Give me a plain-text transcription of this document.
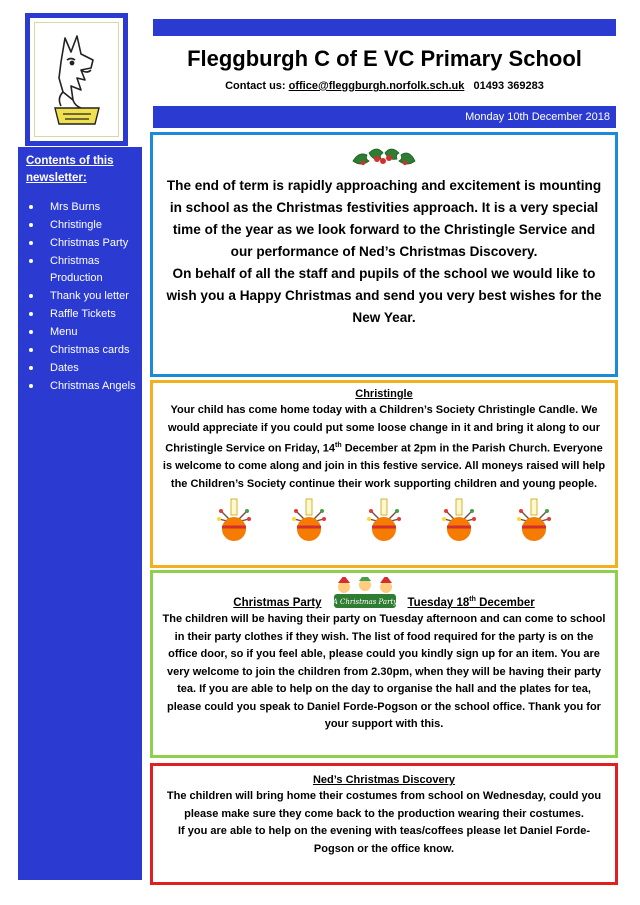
Fleggburgh C of E VC Primary School
Contact us: office@fleggburgh.norfolk.sch.uk 01493 369283
Monday 10th December 2018
Contents of this newsletter:
Mrs Burns
Christingle
Christmas Party
Christmas Production
Thank you letter
Raffle Tickets
Menu
Christmas cards
Dates
Christmas Angels

The end of term is rapidly approaching and excitement is mounting in school as the Christmas festivities approach. It is a very special time of the year as we look forward to the Christingle Service and our performance of Ned’s Christmas Discovery.

On behalf of all the staff and pupils of the school we would like to wish you a Happy Christmas and send you very best wishes for the New Year.

Christingle

Your child has come home today with a Children’s Society Christingle Candle. We would appreciate if you could put some loose change in it and bring it along to our Christingle Service on Friday, 14th December at 2pm in the Parish Church. Everyone is welcome to come along and join in this festive service. All moneys raised will help the Children’s Society continue their work supporting children and young people.

Christmas Party A Christmas Party Tuesday 18th December

The children will be having their party on Tuesday afternoon and can come to school in their party clothes if they wish. The list of food required for the party is on the office door, so if you feel able, please could you kindly sign up for an item. You are very welcome to join the children from 2.30pm, when they will be having their party tea. If you are able to help on the day to organise the hall and the plates for tea, please could you speak to Daniel Forde-Pogson or the school office. Thank you for your support with this.

Ned’s Christmas Discovery

The children will bring home their costumes from school on Wednesday, could you please make sure they come back to the production wearing their costumes.

If you are able to help on the evening with teas/coffees please let Daniel Forde-Pogson or the office know.
